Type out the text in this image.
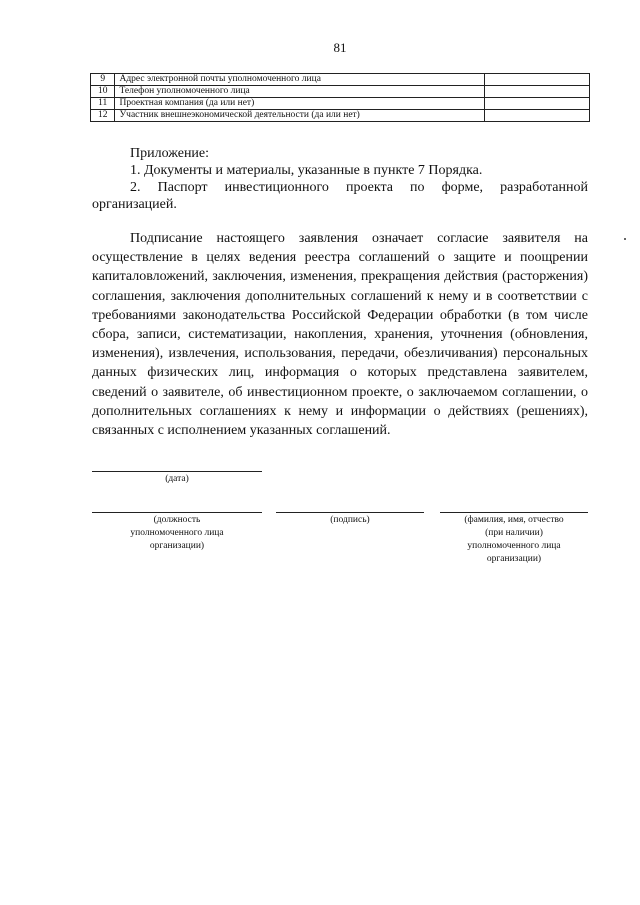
81
9	Адрес электронной почты уполномоченного лица	
10	Телефон уполномоченного лица	
11	Проектная компания (да или нет)	
12	Участник внешнеэкономической деятельности (да или нет)	

Приложение:

1. Документы и материалы, указанные в пункте 7 Порядка.

2. Паспорт инвестиционного проекта по форме, разработанной

организацией.

Подписание настоящего заявления означает согласие заявителя на осуществление в целях ведения реестра соглашений о защите и поощрении капиталовложений, заключения, изменения, прекращения действия (расторжения) соглашения, заключения дополнительных соглашений к нему и в соответствии с требованиями законодательства Российской Федерации обработки (в том числе сбора, записи, систематизации, накопления, хранения, уточнения (обновления, изменения), извлечения, использования, передачи, обезличивания) персональных данных физических лиц, информация о которых представлена заявителем, сведений о заявителе, об инвестиционном проекте, о заключаемом соглашении, о дополнительных соглашениях к нему и информации о действиях (решениях), связанных с исполнением указанных соглашений.

(дата)
(должность
уполномоченного лица
организации)
(подпись)	(фамилия, имя, отчество
(при наличии)
уполномоченного лица
организации)
